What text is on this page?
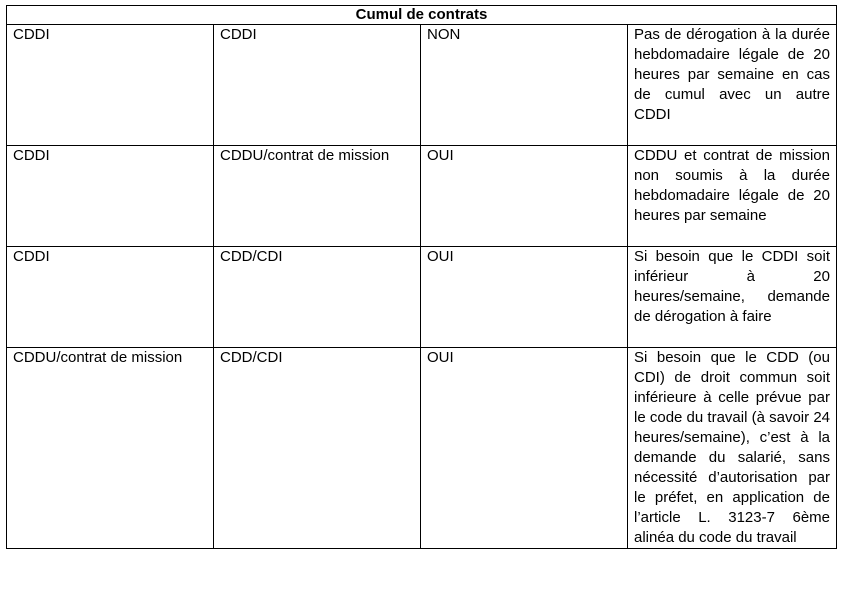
Cumul de contrats			
CDDI	CDDI	NON	Pas de dérogation à la durée hebdomadaire légale de 20 heures par semaine en cas de cumul avec un autre CDDI
CDDI	CDDU/contrat de mission	OUI	CDDU et contrat de mission non soumis à la durée hebdomadaire légale de 20 heures par semaine
CDDI	CDD/CDI	OUI	Si besoin que le CDDI soit inférieur à 20 heures/semaine, demande de dérogation à faire
CDDU/contrat de mission	CDD/CDI	OUI	Si besoin que le CDD (ou CDI) de droit commun soit inférieure à celle prévue par le code du travail (à savoir 24 heures/semaine), c’est à la demande du salarié, sans nécessité d’autorisation par le préfet, en application de l’article L. 3123-7 6ème alinéa du code du travail
